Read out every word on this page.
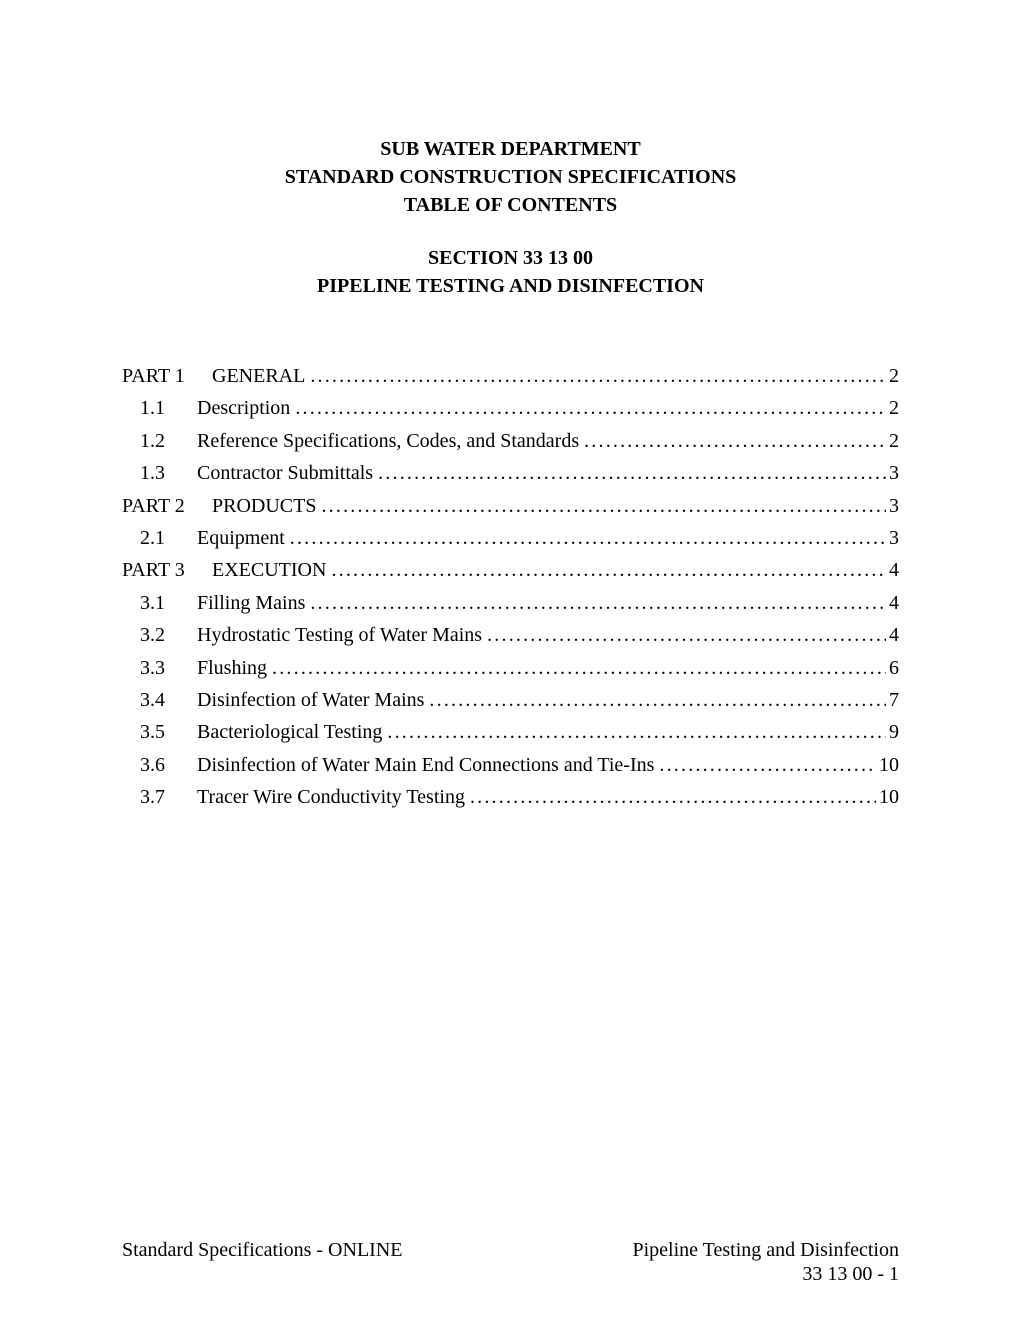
SUB WATER DEPARTMENT
STANDARD CONSTRUCTION SPECIFICATIONS
TABLE OF CONTENTS
SECTION 33 13 00
PIPELINE TESTING AND DISINFECTION
PART 1	GENERAL .....	2
1.1	Description .....	2
1.2	Reference Specifications, Codes, and Standards .....	2
1.3	Contractor Submittals .....	3
PART 2	PRODUCTS .....	3
2.1	Equipment .....	3
PART 3	EXECUTION .....	4
3.1	Filling Mains .....	4
3.2	Hydrostatic Testing of Water Mains .....	4
3.3	Flushing .....	6
3.4	Disinfection of Water Mains .....	7
3.5	Bacteriological Testing .....	9
3.6	Disinfection of Water Main End Connections and Tie-Ins .....	10
3.7	Tracer Wire Conductivity Testing .....	10
Standard Specifications - ONLINE	Pipeline Testing and Disinfection
33 13 00 - 1
